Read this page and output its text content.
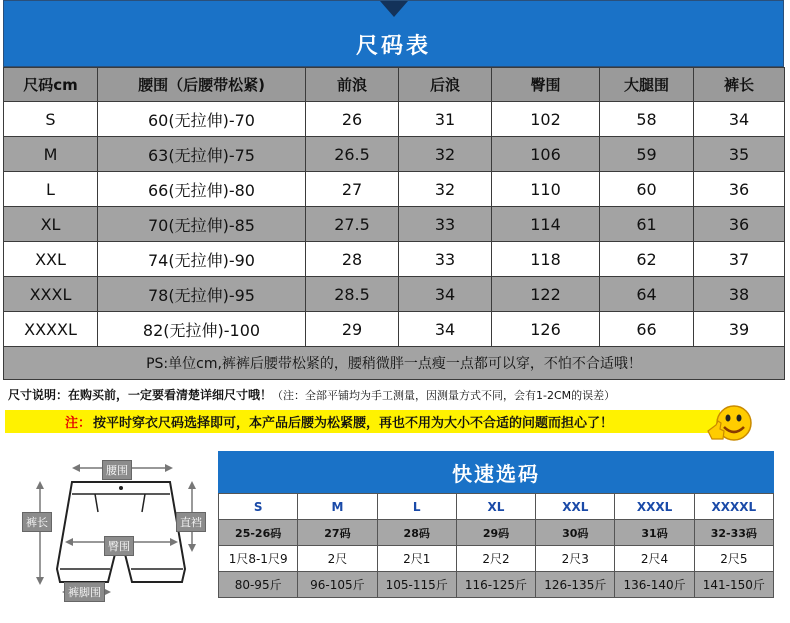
尺码表
尺码cm	腰围（后腰带松紧)	前浪	后浪	臀围	大腿围	裤长
S	60(无拉伸)-70	26	31	102	58	34
M	63(无拉伸)-75	26.5	32	106	59	35
L	66(无拉伸)-80	27	32	110	60	36
XL	70(无拉伸)-85	27.5	33	114	61	36
XXL	74(无拉伸)-90	28	33	118	62	37
XXXL	78(无拉伸)-95	28.5	34	122	64	38
XXXXL	82(无拉伸)-100	29	34	126	66	39
PS:单位cm,裤裤后腰带松紧的，腰稍微胖一点瘦一点都可以穿，不怕不合适哦！						
尺寸说明：在购买前，一定要看清楚详细尺寸哦！（注：全部平铺均为手工测量，因测量方式不同，会有1-2CM的误差）
注： 按平时穿衣尺码选择即可，本产品后腰为松紧腰，再也不用为大小不合适的问题而担心了！
腰围
裤长	直裆
臀围
裤脚围
快速选码
S	M	L	XL	XXL	XXXL	XXXXL
25-26码	27码	28码	29码	30码	31码	32-33码
1尺8-1尺9	2尺	2尺1	2尺2	2尺3	2尺4	2尺5
80-95斤	96-105斤	105-115斤	116-125斤	126-135斤	136-140斤	141-150斤
